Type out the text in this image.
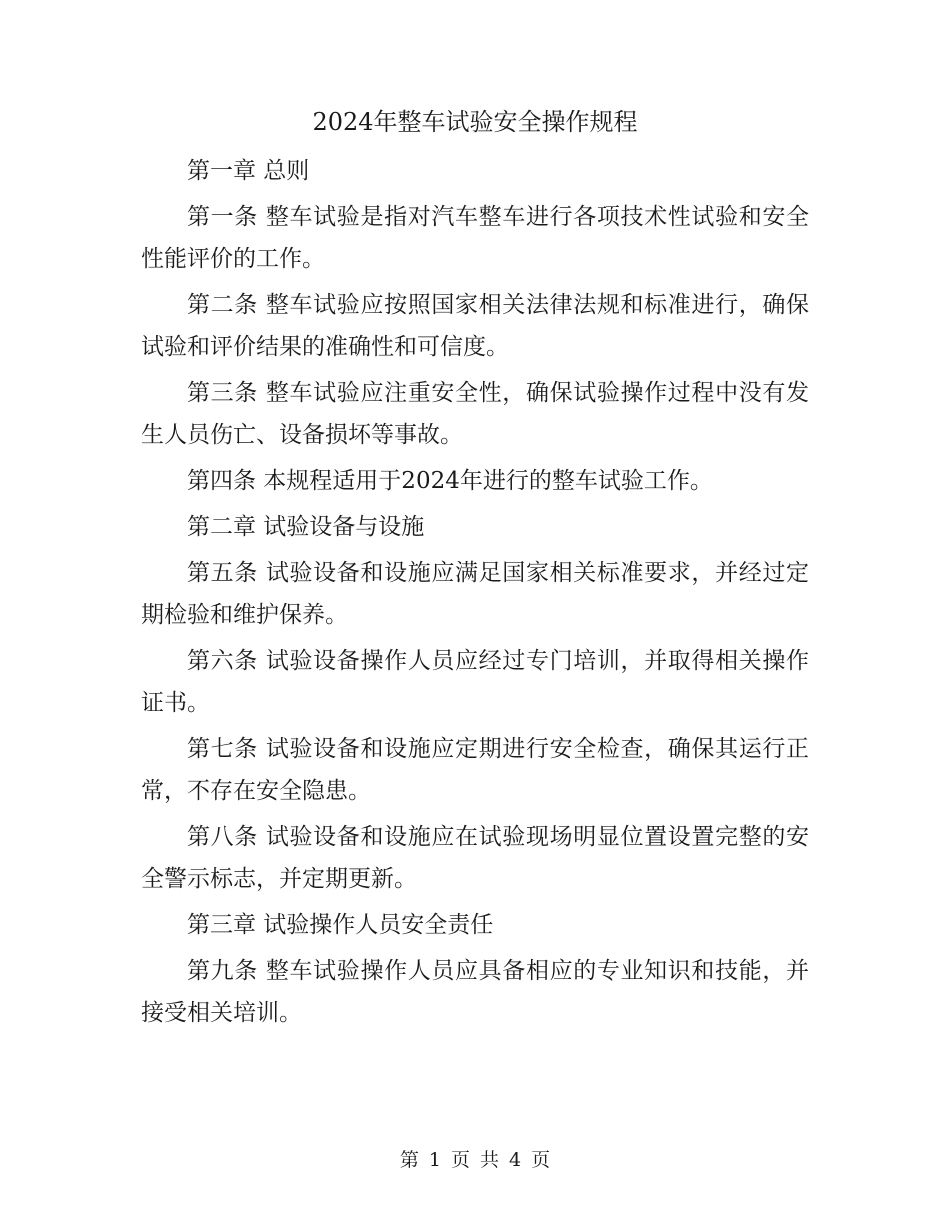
2024年整车试验安全操作规程

第一章 总则

第一条 整车试验是指对汽车整车进行各项技术性试验和安全性能评价的工作。

第二条 整车试验应按照国家相关法律法规和标准进行，确保试验和评价结果的准确性和可信度。

第三条 整车试验应注重安全性，确保试验操作过程中没有发生人员伤亡、设备损坏等事故。

第四条 本规程适用于2024年进行的整车试验工作。

第二章 试验设备与设施

第五条 试验设备和设施应满足国家相关标准要求，并经过定期检验和维护保养。

第六条 试验设备操作人员应经过专门培训，并取得相关操作证书。

第七条 试验设备和设施应定期进行安全检查，确保其运行正常，不存在安全隐患。

第八条 试验设备和设施应在试验现场明显位置设置完整的安全警示标志，并定期更新。

第三章 试验操作人员安全责任

第九条 整车试验操作人员应具备相应的专业知识和技能，并接受相关培训。

第 1 页 共 4 页
